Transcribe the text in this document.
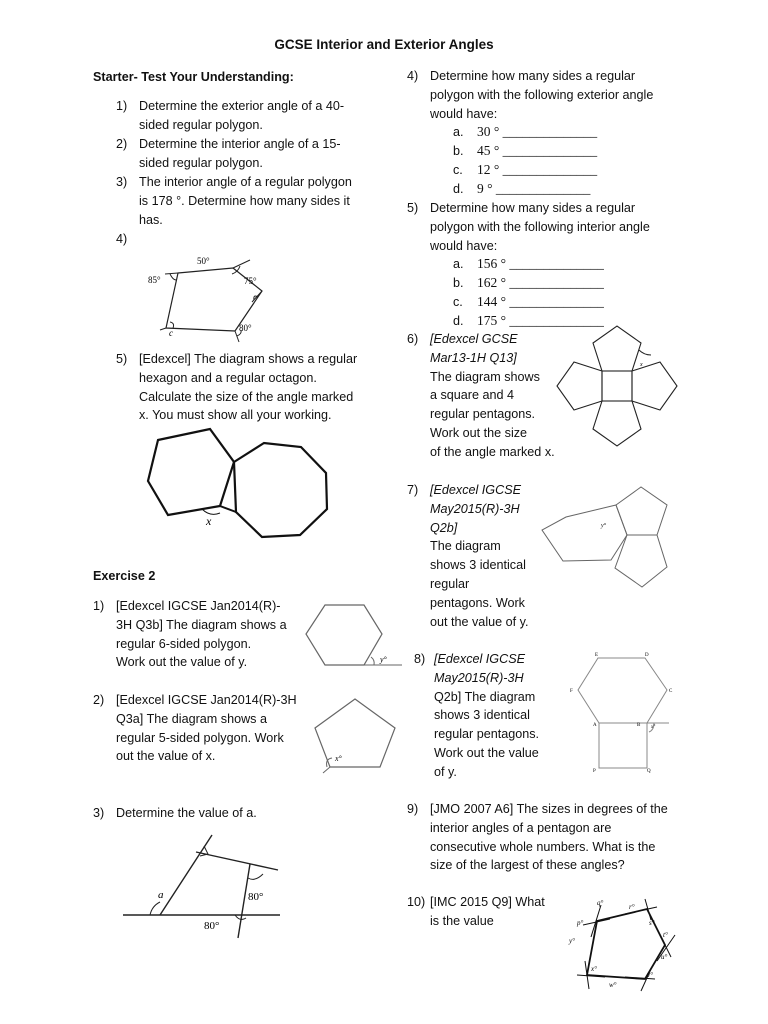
GCSE Interior and Exterior Angles
Starter- Test Your Understanding:
1) Determine the exterior angle of a 40-
sided regular polygon.
2) Determine the interior angle of a 15-
sided regular polygon.
3) The interior angle of a regular polygon
is 178 °. Determine how many sides it
has.
4)
50°
85°	75°
80°
c
5) [Edexcel] The diagram shows a regular
hexagon and a regular octagon.
Calculate the size of the angle marked
x. You must show all your working.
x
Exercise 2
1) [Edexcel IGCSE Jan2014(R)-
3H Q3b] The diagram shows a
regular 6-sided polygon.
Work out the value of y.	y°
2) [Edexcel IGCSE Jan2014(R)-3H
Q3a] The diagram shows a
regular 5-sided polygon. Work
out the value of x.	x°
3) Determine the value of a.
a	80°
80°
4) Determine how many sides a regular
polygon with the following exterior angle
would have:
a. 30 ° ______________
b. 45 ° ______________
c. 12 ° ______________
d. 9 ° ______________
5) Determine how many sides a regular
polygon with the following interior angle
would have:
a. 156 ° ______________
b. 162 ° ______________
c. 144 ° ______________
d. 175 ° ______________
6) [Edexcel GCSE
Mar13-1H Q13]
The diagram shows
a square and 4
regular pentagons.
Work out the size
of the angle marked x.
x
7) [Edexcel IGCSE
May2015(R)-3H
Q2b]
The diagram
shows 3 identical
regular
pentagons. Work
out the value of y.
y°
8) [Edexcel IGCSE
May2015(R)-3H
Q2b] The diagram
shows 3 identical
regular pentagons.
Work out the value
of y.
E	D
F	C
A	B
P	Q
x°
9) [JMO 2007 A6] The sizes in degrees of the
interior angles of a pentagon are
consecutive whole numbers. What is the
size of the largest of these angles?
10) [IMC 2015 Q9] What
is the value	p°
q°	r°
s°
t°
u°
v°
w°
x°
y°
